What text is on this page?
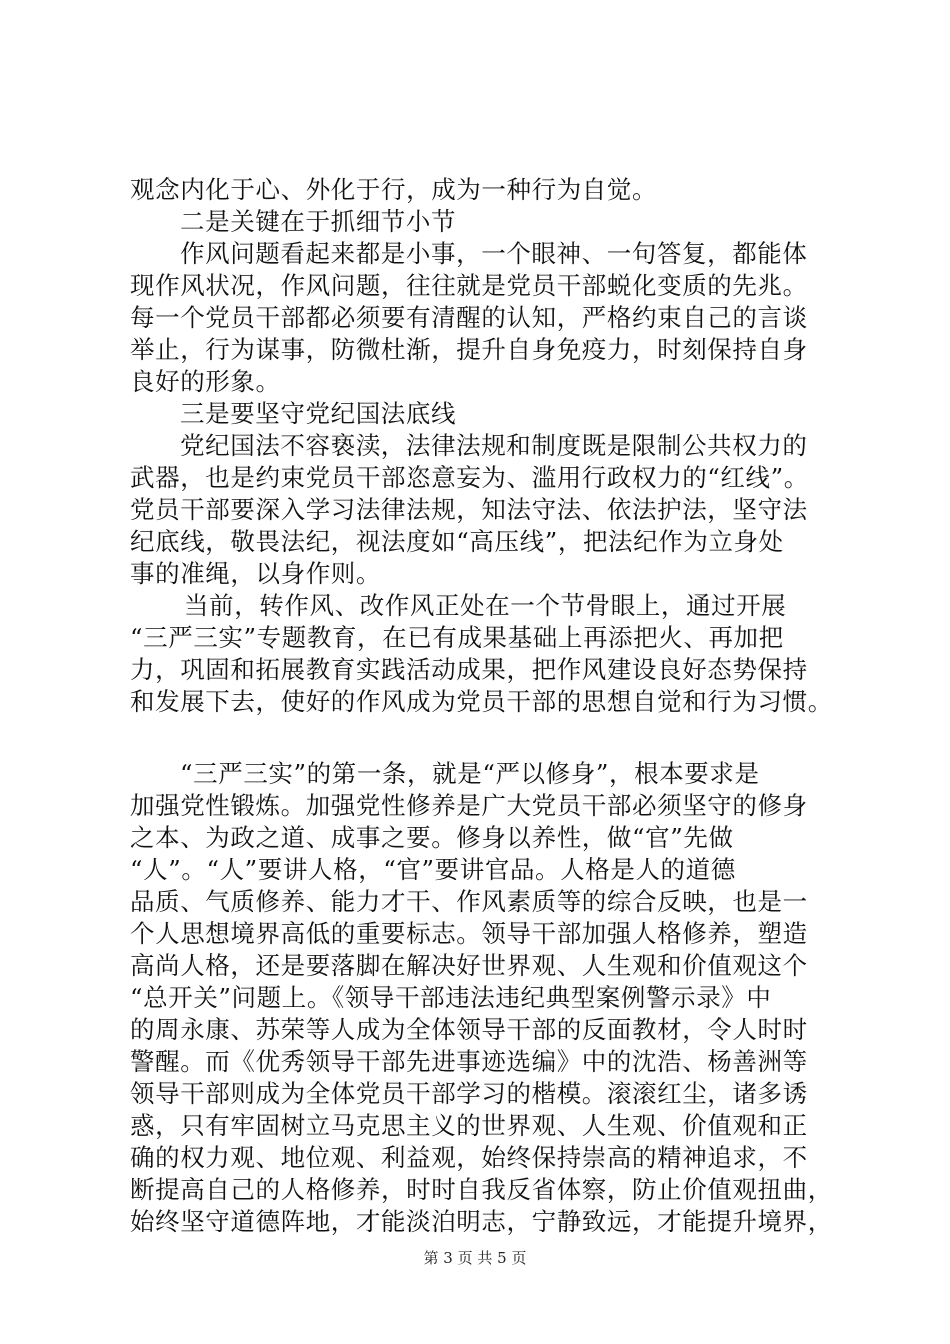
观念内化于心、外化于行，成为一种行为自觉。
二是关键在于抓细节小节
作风问题看起来都是小事，一个眼神、一句答复，都能体
现作风状况，作风问题，往往就是党员干部蜕化变质的先兆。
每一个党员干部都必须要有清醒的认知，严格约束自己的言谈
举止，行为谋事，防微杜渐，提升自身免疫力，时刻保持自身
良好的形象。
三是要坚守党纪国法底线
党纪国法不容亵渎，法律法规和制度既是限制公共权力的
武器，也是约束党员干部恣意妄为、滥用行政权力的“红线”。
党员干部要深入学习法律法规，知法守法、依法护法，坚守法
纪底线，敬畏法纪，视法度如“高压线”，把法纪作为立身处
事的准绳，以身作则。
当前，转作风、改作风正处在一个节骨眼上，通过开展
“三严三实”专题教育，在已有成果基础上再添把火、再加把
力，巩固和拓展教育实践活动成果，把作风建设良好态势保持
和发展下去，使好的作风成为党员干部的思想自觉和行为习惯。
“三严三实”的第一条，就是“严以修身”，根本要求是
加强党性锻炼。加强党性修养是广大党员干部必须坚守的修身
之本、为政之道、成事之要。修身以养性，做“官”先做
“人”。“人”要讲人格，“官”要讲官品。人格是人的道德
品质、气质修养、能力才干、作风素质等的综合反映，也是一
个人思想境界高低的重要标志。领导干部加强人格修养，塑造
高尚人格，还是要落脚在解决好世界观、人生观和价值观这个
“总开关”问题上。《领导干部违法违纪典型案例警示录》中
的周永康、苏荣等人成为全体领导干部的反面教材，令人时时
警醒。而《优秀领导干部先进事迹选编》中的沈浩、杨善洲等
领导干部则成为全体党员干部学习的楷模。滚滚红尘，诸多诱
惑，只有牢固树立马克思主义的世界观、人生观、价值观和正
确的权力观、地位观、利益观，始终保持崇高的精神追求，不
断提高自己的人格修养，时时自我反省体察，防止价值观扭曲，
始终坚守道德阵地，才能淡泊明志，宁静致远，才能提升境界，
第 3 页 共 5 页
